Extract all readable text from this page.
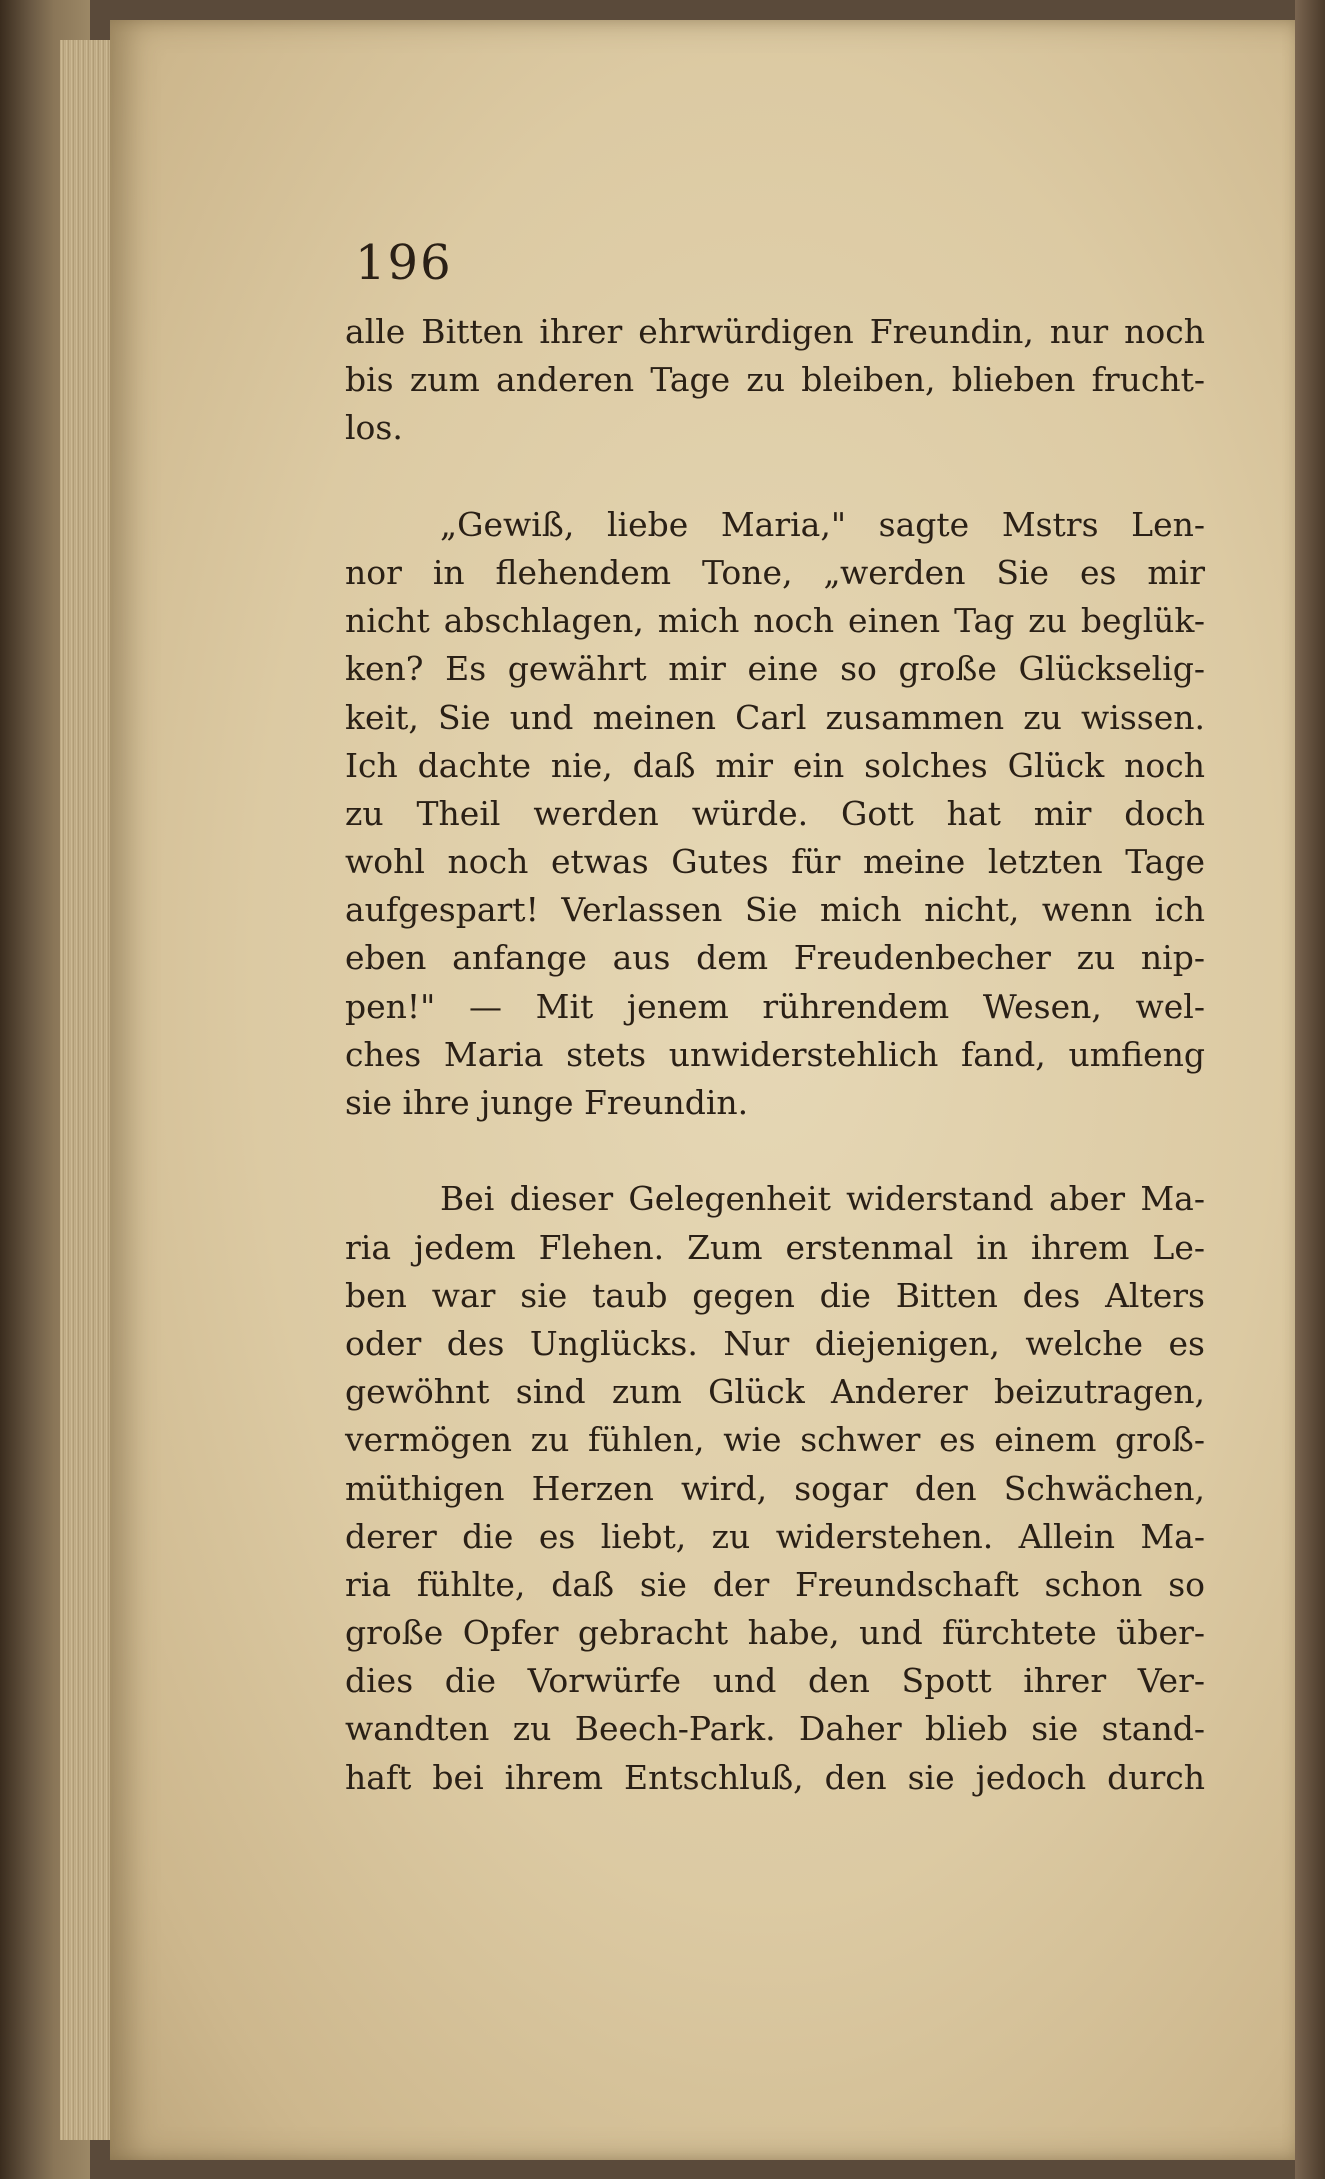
196
alle Bitten ihrer ehrwürdigen Freundin, nur noch
bis zum anderen Tage zu bleiben, blieben frucht-
los.
„Gewiß, liebe Maria," sagte Mstrs Len-
nor in flehendem Tone, „werden Sie es mir
nicht abschlagen, mich noch einen Tag zu beglük-
ken? Es gewährt mir eine so große Glückselig-
keit, Sie und meinen Carl zusammen zu wissen.
Ich dachte nie, daß mir ein solches Glück noch
zu Theil werden würde. Gott hat mir doch
wohl noch etwas Gutes für meine letzten Tage
aufgespart! Verlassen Sie mich nicht, wenn ich
eben anfange aus dem Freudenbecher zu nip-
pen!" — Mit jenem rührendem Wesen, wel-
ches Maria stets unwiderstehlich fand, umfieng
sie ihre junge Freundin.
Bei dieser Gelegenheit widerstand aber Ma-
ria jedem Flehen. Zum erstenmal in ihrem Le-
ben war sie taub gegen die Bitten des Alters
oder des Unglücks. Nur diejenigen, welche es
gewöhnt sind zum Glück Anderer beizutragen,
vermögen zu fühlen, wie schwer es einem groß-
müthigen Herzen wird, sogar den Schwächen,
derer die es liebt, zu widerstehen. Allein Ma-
ria fühlte, daß sie der Freundschaft schon so
große Opfer gebracht habe, und fürchtete über-
dies die Vorwürfe und den Spott ihrer Ver-
wandten zu Beech-Park. Daher blieb sie stand-
haft bei ihrem Entschluß, den sie jedoch durch
